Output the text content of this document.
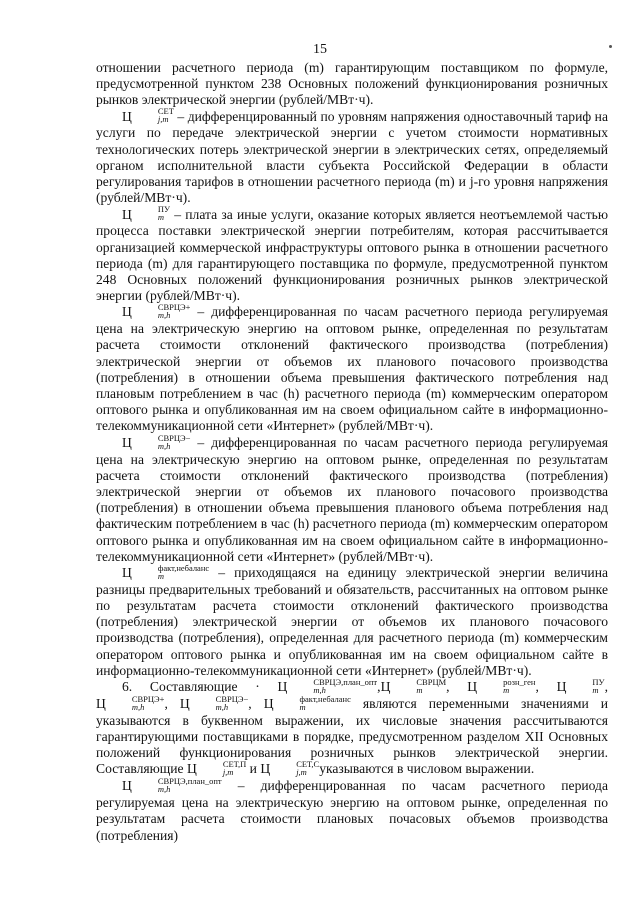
15

отношении расчетного периода (m) гарантирующим поставщиком по формуле, предусмотренной пунктом 238 Основных положений функционирования розничных рынков электрической энергии (рублей/МВт·ч).

Ц	СЕТ
j,m – дифференцированный по уровням напряжения одноставочный тариф на услуги по передаче электрической энергии с учетом стоимости нормативных технологических потерь электрической энергии в электрических сетях, определяемый органом исполнительной власти субъекта Российской Федерации в области регулирования тарифов в отношении расчетного периода (m) и j-го уровня напряжения (рублей/МВт·ч).

Ц	ПУ
m – плата за иные услуги, оказание которых является неотъемлемой частью процесса поставки электрической энергии потребителям, которая рассчитывается организацией коммерческой инфраструктуры оптового рынка в отношении расчетного периода (m) для гарантирующего поставщика по формуле, предусмотренной пунктом 248 Основных положений функционирования розничных рынков электрической энергии (рублей/МВт·ч).

Ц	СВРЦЭ+
m,h	– дифференцированная по часам расчетного периода регулируемая цена на электрическую энергию на оптовом рынке, определенная по результатам расчета стоимости отклонений фактического производства (потребления) электрической энергии от объемов их планового почасового производства (потребления) в отношении объема превышения фактического потребления над плановым потреблением в час (h) расчетного периода (m) коммерческим оператором оптового рынка и опубликованная им на своем официальном сайте в информационно-телекоммуникационной сети «Интернет» (рублей/МВт·ч).

Ц	СВРЦЭ−
m,h	– дифференцированная по часам расчетного периода регулируемая цена на электрическую энергию на оптовом рынке, определенная по результатам расчета стоимости отклонений фактического производства (потребления) электрической энергии от объемов их планового почасового производства (потребления) в отношении объема превышения планового объема потребления над фактическим потреблением в час (h) расчетного периода (m) коммерческим оператором оптового рынка и опубликованная им на своем официальном сайте в информационно-телекоммуникационной сети «Интернет» (рублей/МВт·ч).

Ц	факт,небаланс
m	– приходящаяся на единицу электрической энергии величина разницы предварительных требований и обязательств, рассчитанных на оптовом рынке по результатам расчета стоимости отклонений фактического производства (потребления) электрической энергии от объемов их планового почасового производства (потребления), определенная для расчетного периода (m) коммерческим оператором оптового рынка и опубликованная им на своем официальном сайте в информационно-телекоммуникационной сети «Интернет» (рублей/МВт·ч).

6. Составляющие · Ц	СВРЦЭ,план_опт
m,h	,Ц	СВРЦМ
m	, Ц	розн_ген
m	, Ц	ПУ
m , Ц	СВРЦЭ+
m,h	, Ц	СВРЦЭ−
m,h	, Ц	факт,небаланс
m	являются переменными значениями и указываются в буквенном выражении, их числовые значения рассчитываются гарантирующими поставщиками в порядке, предусмотренном разделом XII Основных положений функционирования розничных рынков электрической энергии. Составляющие Ц	СЕТ,П
j,m и Ц	СЕТ,С
j,m указываются в числовом выражении.

Ц	СВРЦЭ,план_опт
m,h	– дифференцированная по часам расчетного периода регулируемая цена на электрическую энергию на оптовом рынке, определенная по результатам расчета стоимости плановых почасовых объемов производства (потребления)
